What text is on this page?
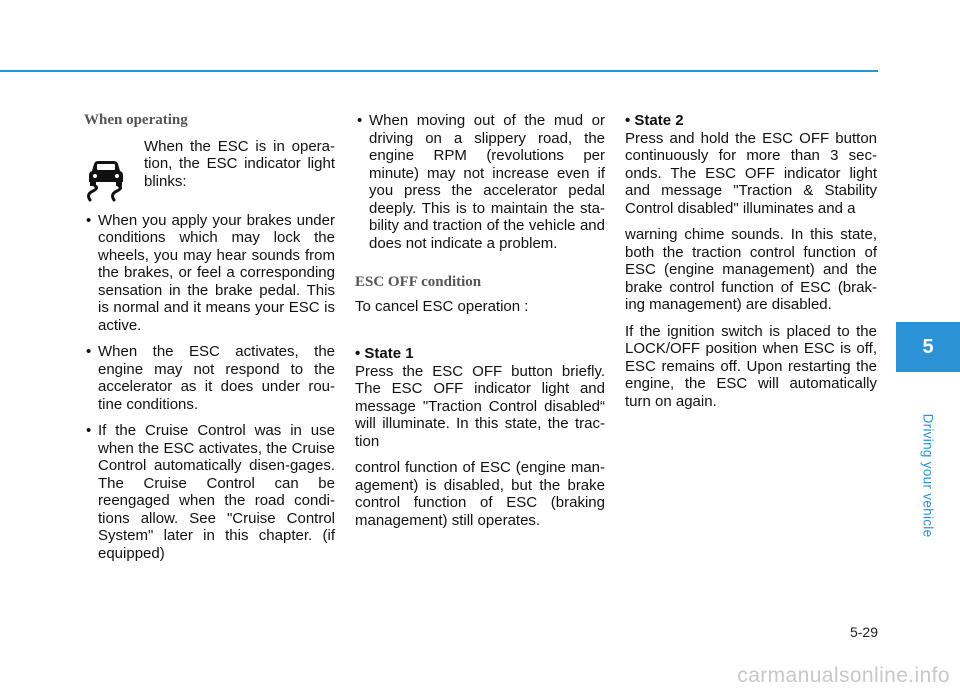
When operating

When the ESC is in opera-tion, the ESC indicator light blinks:

• When you apply your brakes under conditions which may lock the wheels, you may hear sounds from the brakes, or feel a corresponding sensation in the brake pedal. This is normal and it means your ESC is active.
• When the ESC activates, the engine may not respond to the accelerator as it does under rou-tine conditions.
• If the Cruise Control was in use when the ESC activates, the Cruise Control automatically disen-gages. The Cruise Control can be reengaged when the road condi-tions allow. See "Cruise Control System" later in this chapter. (if equipped)
• When moving out of the mud or driving on a slippery road, the engine RPM (revolutions per minute) may not increase even if you press the accelerator pedal deeply. This is to maintain the sta-bility and traction of the vehicle and does not indicate a problem.
ESC OFF condition

To cancel ESC operation :

• State 1

Press the ESC OFF button briefly. The ESC OFF indicator light and message "Traction Control disabled“ will illuminate. In this state, the trac-tion

control function of ESC (engine man-agement) is disabled, but the brake control function of ESC (braking management) still operates.

• State 2

Press and hold the ESC OFF button continuously for more than 3 sec-onds. The ESC OFF indicator light and message "Traction & Stability Control disabled" illuminates and a

warning chime sounds. In this state, both the traction control function of ESC (engine management) and the brake control function of ESC (brak-ing management) are disabled.

If the ignition switch is placed to the LOCK/OFF position when ESC is off, ESC remains off. Upon restarting the engine, the ESC will automatically turn on again.

5
Driving your vehicle
5-29
carmanualsonline.info
